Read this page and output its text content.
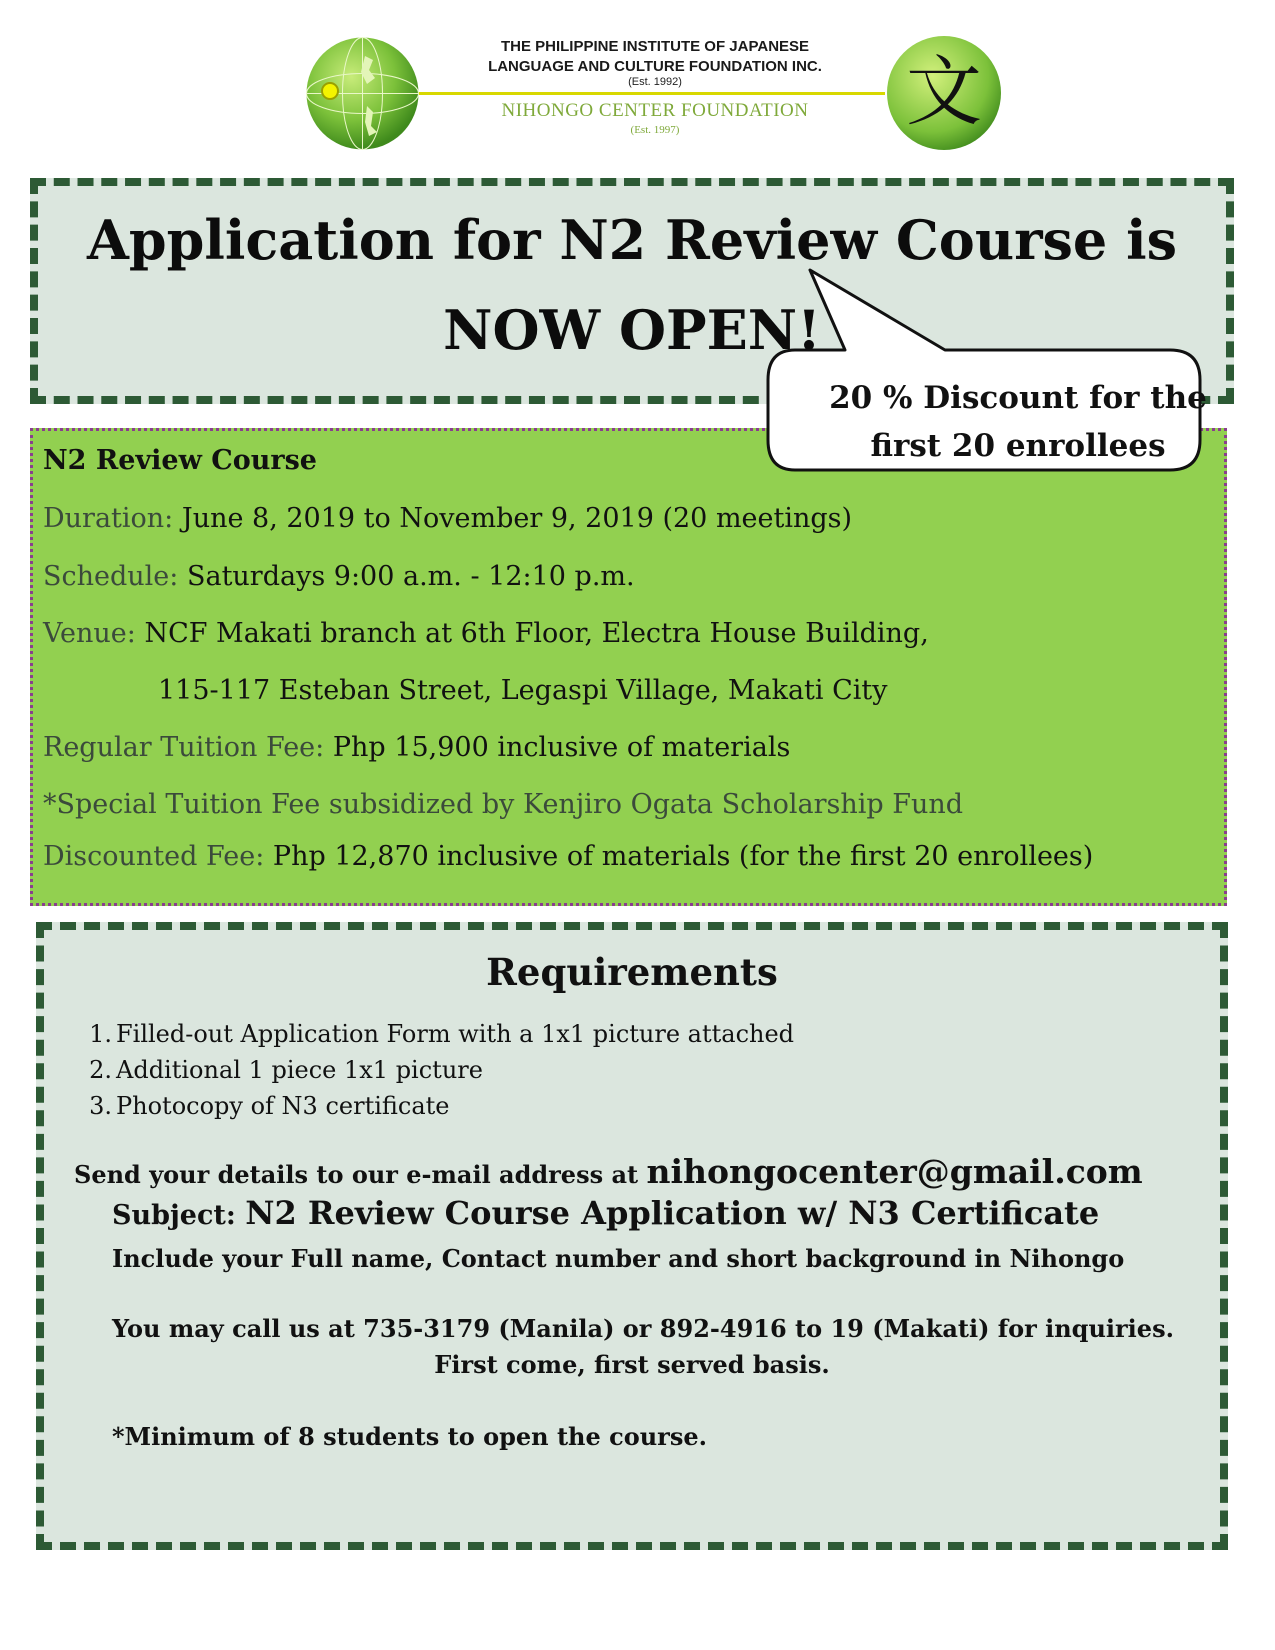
文

THE PHILIPPINE INSTITUTE OF JAPANESE

LANGUAGE AND CULTURE FOUNDATION INC.

(Est. 1992)

NIHONGO CENTER FOUNDATION

(Est. 1997)

Application for N2 Review Course is

NOW OPEN!

N2 Review Course

Duration: June 8, 2019 to November 9, 2019 (20 meetings)

Schedule: Saturdays 9:00 a.m. - 12:10 p.m.

Venue: NCF Makati branch at 6th Floor, Electra House Building,

115-117 Esteban Street, Legaspi Village, Makati City

Regular Tuition Fee: Php 15,900 inclusive of materials

*Special Tuition Fee subsidized by Kenjiro Ogata Scholarship Fund

Discounted Fee: Php 12,870 inclusive of materials (for the first 20 enrollees)

20 % Discount for the

first 20 enrollees

Requirements

1. Filled-out Application Form with a 1x1 picture attached
2. Additional 1 piece 1x1 picture
3. Photocopy of N3 certificate

Send your details to our e-mail address at nihongocenter@gmail.com

Subject: N2 Review Course Application w/ N3 Certificate

Include your Full name, Contact number and short background in Nihongo

You may call us at 735-3179 (Manila) or 892-4916 to 19 (Makati) for inquiries.

First come, first served basis.

*Minimum of 8 students to open the course.
